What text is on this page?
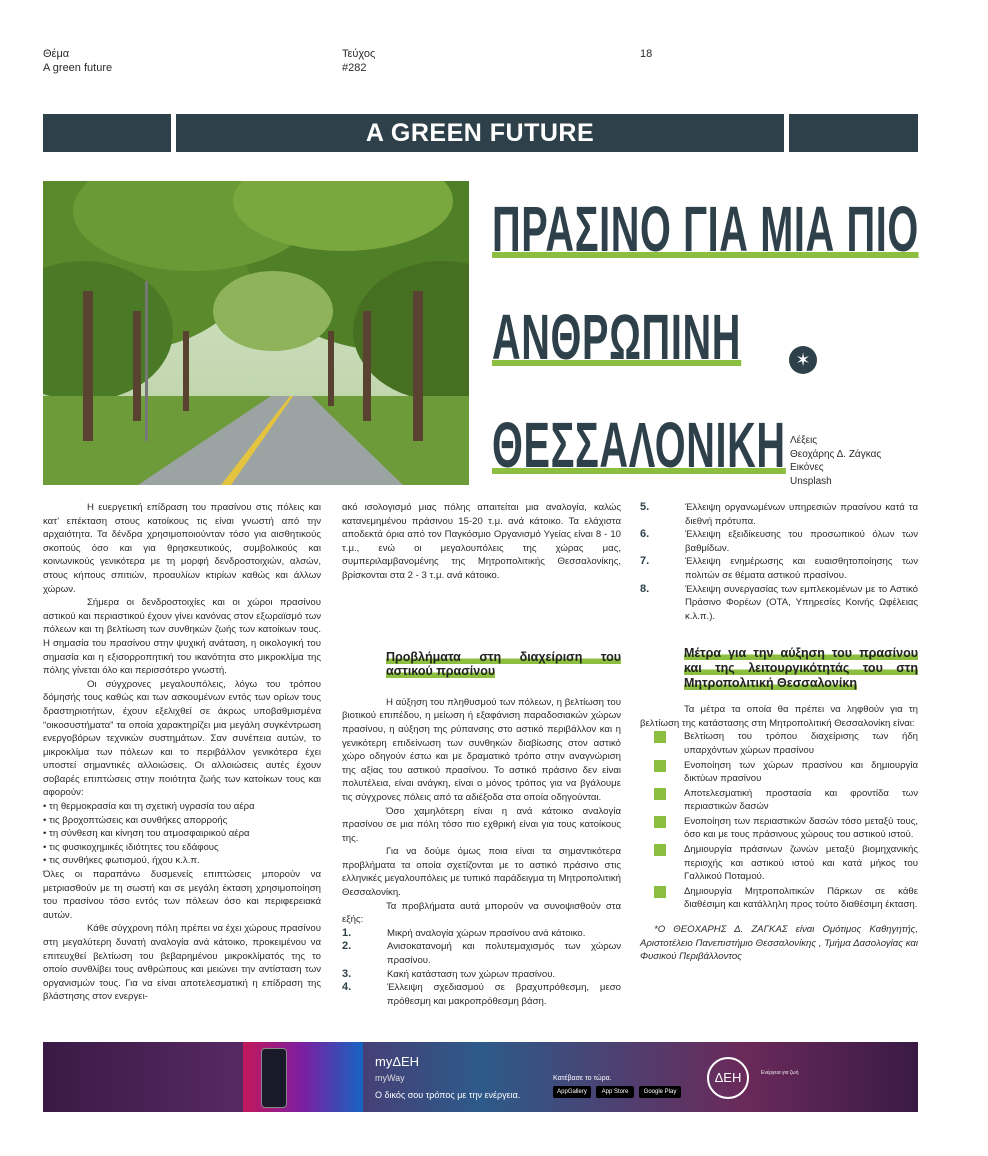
Θέμα
A green future
Τεύχος
#282
18
A GREEN FUTURE
ΠΡΑΣΙΝΟ ΓΙΑ ΜΙΑ ΠΙΟ
ΑΝΘΡΩΠΙΝΗ
ΘΕΣΣΑΛΟΝΙΚΗ
✶
Λέξεις
Θεοχάρης Δ. Ζάγκας
Εικόνες
Unsplash

Η ευεργετική επίδραση του πρασίνου στις πόλεις και κατ’ επέκταση στους κατοίκους τις είναι γνωστή από την αρχαιότητα. Τα δένδρα χρησιμοποιούνταν τόσο για αισθητικούς σκοπούς όσο και για θρησκευτικούς, συμβολικούς και κοινωνικούς γενικότερα με τη μορφή δενδροστοιχιών, αλσών, στους κήπους σπιτιών, προαυλίων κτιρίων καθώς και άλλων χώρων.

Σήμερα οι δενδροστοιχίες και οι χώροι πρασίνου αστικού και περιαστικού έχουν γίνει κανόνας στον εξωραϊσμό των πόλεων και τη βελτίωση των συνθηκών ζωής των κατοίκων τους. Η σημασία του πρασίνου στην ψυχική ανάταση, η οικολογική του σημασία και η εξισορροπητική του ικανότητα στο μικροκλίμα της πόλης γίνεται όλο και περισσότερο γνωστή.

Οι σύγχρονες μεγαλουπόλεις, λόγω του τρόπου δόμησής τους καθώς και των ασκουμένων εντός των ορίων τους δραστηριοτήτων, έχουν εξελιχθεί σε άκρως υποβαθμισμένα “οικοσυστήματα” τα οποία χαρακτηρίζει μια μεγάλη συγκέντρωση ενεργοβόρων τεχνικών συστημάτων. Σαν συνέπεια αυτών, το μικροκλίμα των πόλεων και το περιβάλλον γενικότερα έχει υποστεί σημαντικές αλλοιώσεις. Οι αλλοιώσεις αυτές έχουν σοβαρές επιπτώσεις στην ποιότητα ζωής των κατοίκων τους και αφορούν:

• τη θερμοκρασία και τη σχετική υγρασία του αέρα

• τις βροχοπτώσεις και συνθήκες απορροής

• τη σύνθεση και κίνηση του ατμοσφαιρικού αέρα

• τις φυσικοχημικές ιδιότητες του εδάφους

• τις συνθήκες φωτισμού, ήχου κ.λ.π.

Όλες οι παραπάνω δυσμενείς επιπτώσεις μπορούν να μετριασθούν με τη σωστή και σε μεγάλη έκταση χρησιμοποίηση του πρασίνου τόσο εντός των πόλεων όσο και περιφερειακά αυτών.

Κάθε σύγχρονη πόλη πρέπει να έχει χώρους πρασίνου στη μεγαλύτερη δυνατή αναλογία ανά κάτοικο, προκειμένου να επιτευχθεί βελτίωση του βεβαρημένου μικροκλίματός της το οποίο συνθλίβει τους ανθρώπους και μειώνει την αντίσταση των οργανισμών τους. Για να είναι αποτελεσματική η επίδραση της βλάστησης στον ενεργει-

ακό ισολογισμό μιας πόλης απαιτείται μια αναλογία, καλώς κατανεμημένου πράσινου 15-20 τ.μ. ανά κάτοικο. Τα ελάχιστα αποδεκτά όρια από τον Παγκόσμιο Οργανισμό Υγείας είναι 8 - 10 τ.μ., ενώ οι μεγαλουπόλεις της χώρας μας, συμπεριλαμβανομένης της Μητροπολιτικής Θεσσαλονίκης, βρίσκονται στα 2 - 3 τ.μ. ανά κάτοικο.

Προβλήματα στη διαχείριση του αστικού πρασίνου

Η αύξηση του πληθυσμού των πόλεων, η βελτίωση του βιοτικού επιπέδου, η μείωση ή εξαφάνιση παραδοσιακών χώρων πρασίνου, η αύξηση της ρύπανσης στο αστικό περιβάλλον και η γενικότερη επιδείνωση των συνθηκών διαβίωσης στον αστικό χώρο οδηγούν έστω και με δραματικό τρόπο στην αναγνώριση της αξίας του αστικού πρασίνου. Το αστικό πράσινο δεν είναι πολυτέλεια, είναι ανάγκη, είναι ο μόνος τρόπος για να βγάλουμε τις σύγχρονες πόλεις από τα αδιέξοδα στα οποία οδηγούνται.

Όσο χαμηλότερη είναι η ανά κάτοικο αναλογία πρασίνου σε μια πόλη τόσο πιο εχθρική είναι για τους κατοίκους της.

Για να δούμε όμως ποια είναι τα σημαντικότερα προβλήματα τα οποία σχετίζονται με το αστικό πράσινο στις ελληνικές μεγαλουπόλεις με τυπικό παράδειγμα τη Μητροπολιτική Θεσσαλονίκη.

Τα προβλήματα αυτά μπορούν να συνοψισθούν στα εξής:

1.	Μικρή αναλογία χώρων πρασίνου ανά κάτοικο.
2.	Ανισοκατανομή και πολυτεμαχισμός των χώρων πρασίνου.
3.	Κακή κατάσταση των χώρων πρασίνου.
4.	Έλλειψη σχεδιασμού σε βραχυπρόθεσμη, μεσο πρόθεσμη και μακροπρόθεσμη βάση.
5.	Έλλειψη οργανωμένων υπηρεσιών πρασίνου κατά τα διεθνή πρότυπα.
6.	Έλλειψη εξειδίκευσης του προσωπικού όλων των βαθμίδων.
7.	Έλλειψη ενημέρωσης και ευαισθητοποίησης των πολιτών σε θέματα αστικού πρασίνου.
8.	Έλλειψη συνεργασίας των εμπλεκομένων με το Αστικό Πράσινο Φορέων (ΟΤΑ, Υπηρεσίες Κοινής Ωφέλειας κ.λ.π.).

Μέτρα για την αύξηση του πρασίνου και της λειτουργικότητάς του στη Μητροπολιτική Θεσσαλονίκη

Τα μέτρα τα οποία θα πρέπει να ληφθούν για τη βελτίωση της κατάστασης στη Μητροπολιτική Θεσσαλονίκη είναι:

Βελτίωση του τρόπου διαχείρισης των ήδη υπαρχόντων χώρων πρασίνου
Ενοποίηση των χώρων πρασίνου και δημιουργία δικτύων πρασίνου
Αποτελεσματική προστασία και φροντίδα των περιαστικών δασών
Ενοποίηση των περιαστικών δασών τόσο μεταξύ τους, όσο και με τους πράσινους χώρους του αστικού ιστού.
Δημιουργία πράσινων ζωνών μεταξύ βιομηχανικής περιοχής και αστικού ιστού και κατά μήκος του Γαλλικού Ποταμού.
Δημιουργία Μητροπολιτικών Πάρκων σε κάθε διαθέσιμη και κατάλληλη προς τούτο διαθέσιμη έκταση.

*Ο ΘΕΟΧΑΡΗΣ Δ. ΖΑΓΚΑΣ είναι Ομότιμος Καθηγητής, Αριστοτέλειο Πανεπιστήμιο Θεσσαλονίκης , Τμήμα Δασολογίας και Φυσικού Περιβάλλοντος

myΔΕΗ
myWay
Ο δικός σου τρόπος με την ενέργεια.
Κατέβασε το τώρα.
AppGallery	App Store	Google Play
ΔΕΗ	Ενέργεια για ζωή
